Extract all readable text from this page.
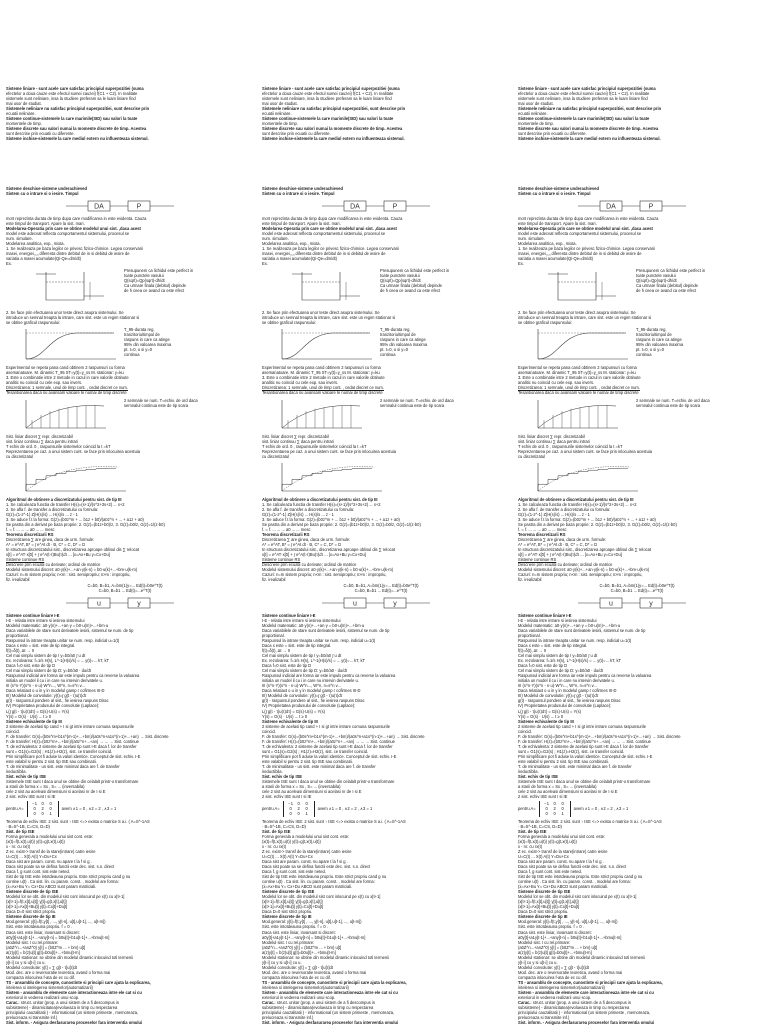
Sisteme liniare - sunt acele care satisfac principiul superpozitiei (suma
efectelor a doua cauze este efectul sumei cauzei) f(C1 + C2). In realitate
sistemele sunt neliniare, insa la studiere preferam sa le luam liniare find
mai usor de studiat.
Sistemele neliniare nu satisfac principiul superpozitiei, sunt descrise prin
ecuatii neliniare.
Sisteme continue-sistemele la care marimile(SID) sau valori la toate
momentele de timp.
Sisteme discrete sau valori numai la momente discrete de timp. Acestea
sunt descrise prin ecuatii cu diferente.
Sisteme inchise-sistemele la care mediul extern nu influenteaza sistemul.
Sisteme deschise-sisteme underachieved
Sistem cu o intrare si o iesire. Timpul
DA	P
mort reprezinta durata de timp dupa care modificarea in este evidenta. Cauza
este timpul de transport. Apare la sist. mari.
Modelarea-Operatia prin care se obtine modelul unui sist. ,daca acest
model este adecvat reflecta comportamentul sistemului, procesul se
num. simulare.
Modelarea analitica, exp., mixta.
1. Se realizeaza pe baza legilor ce privesc fizico-chimice. Legea conservarii
masei, energiei,,,,,diferenta dintre debitul de in si debitul de iesire de
variatia a masei acumulate(Qi-Qe=dm/dt)
Ex.
Presupunem ca lichidul este perfect in
toate punctele vasului
Q(sqrt)=Qp(sqrt)-dh/dt
Ca urmare finala (debitul) depinde
de h ceea ce avand ca este efect
2. Se face prin efectuarea unor teste direct asupra sistemului. Se
introduce un semnal treapta la intrare, care sist. este un regim stationar si
se obtine graficul raspunsului:
T_95-durata reg.
tranzitoriu/timpul de
raspuns in care ca atinge
95% din valoarea maxima
pt. t=0, u si y=0
continua
Experimentul se repeta pana cand obtinem 2 raspunsuri cu forma
asemanatoare. M. dinamic T_95 ST=y(t)=y_ss M. stationar: y=ku
3. Este o combinatie intre 2 metode in cazul in care valorile obtinute
analitic nu coincid cu cele exp. sau invers.
Discretizarea: 1 semnale, unul de timp cont. , cedat discret ce num.
Tesantionarea daca nu avansam valoare te numai de timp discrete
2 semnale se num. T=echiv. de ord daca
semnalul continua este de tip scara
Sist. liniar discret ∑ repr. discretizabil
sist. liniar continuu ∑ daca pentru intrari
T echiv de ord. 0 , raspunsurile sistemelor coincid la t =kT
Reprezentarea pe caz. a unui sistem cont. se face prin inlocuirea acestuia
cu discretizatul
Algoritmul de obtinere a discretizatului pentru sist. de tip III
1. Se calculeaza functia de transfer H(s)=(s+1)/(s^2+3s+2) ... s+2
2. Se afla f. de transfer a discretizatului cu formula:
G(z)=(1-z^-1) Z{H(s)/s} ... H(s)/s ... z - 1
3. Se aduce f.t la forma: G(z)=(b0z^m + ... b1z + b0)/(a0z^n + ... + a1z + a0)
Se pastra din a derivat pe baza proprie: 2. G(z)=(b1z+b0)/z, 3. G(z)=b0/z, G(z)=1/(z-b0)
f. = f. ... ... ... a0 ... ... mesc
Teorema discretizarii RS
Discretizarea ∑ are ginea, daca de urm. formule:
A* = e^AT, B* = ∫ e^At dt · B, C* = C, D* = D
In structura discretizatului sist., discretizarea aproape oblisul dis ∑ relocat
x[t] = e^AT·x[0] + ∫ e^A(t-τ)Bu(τ)dτ ... [x=Ax+Bu y=Cx+Du]
Sisteme continue RS
Descriere prin ecuatii cu derivate; ordinul de matrice
Modelul sistemului discret: a0·y(k)+...+an·y(k-n) = b0·u(k)+...+bm·u(k-m)
Cazuri: n=m sistem propriu; n<m : sist. semipropriu; n>m : impropriu,
fiz. irealizabil
C=b0, B=b1, A=bm(1)y=... Ed(t)=b0e^T(t)
C=b0, B=b1 ... Ed(t)=...e^T(t)
u	y
Sisteme continue liniare I-E
I-E - relatia intre intrare si iesirea sistemului
Modelul matematic: a0·y(n)+...+an·y = b0·u(m)+...+bm·u
Daca variabilele de stare sunt derivatele iesirii, sistemul se num. de tip
proportional.
Raspunsul la intrare treapta unitar se num. resp. indicial u=1(t)
Daca x este = sist. este de tip integral.
f(t)=δ(t), Δt → 0
Cel mai simplu sistem de tip I y=b0/a0 ∫ u dt
Ex. rezolvarea: f=1/s H(s), L^-1{H(s)/s} = ... y(t)=... kT, kT
Daca f=0 sist. este de tip D
Cel mai simplu sistem de tip D: y=b0/a0 · du/dt
Raspunsul indicial are forma iar este impuls pentru ca reverse la valoarea
initiala un model il cu i in care nu intervin derivatele u.
III (s^n·Y)(s^n - n·u)·W^n..., W^n, n=s^n v...
Daca relatiaxt o u in y in modelul gamp r cofirmes III-D
III) Modelul de convolutie: y(t)=∫ g(t - τ)u(τ)dτ
g(t) - raspunsul pondere al sist., fie iesirea raspuns Dirac
IV) Proprietatea produsului de convolutie (Laplace):
L{∫ g(t - τ)u(τ)dτ} = G(s)·U(s) = Y(s)
Y(s) = G(s) · U(s) ... t ≥ 0
Sisteme echivalente de tip III
2 sisteme de acelasi tip cand + I si gt intre intrare comuna raspunsurile
coincid.
F. de transfer: G(s)=(b0s^m+b1s^(m-1)+...+bm)/(a0s^n+a1s^(n-1)+...+an) → Sist. discrete
F. de transfer: H(z)=(b0z^m+...+bm)/(a0z^n+...+an) → ... → Sist. continue
T. de echivalenta: 2 sisteme de acelasi tip sunt I-E daca f. lor de transfer
sunt = G1(s)=G2(s) ; H1(z)=H2(z), sist. ce transfer coincid.
Prin simplificare pot fi aduse la valori identice. Conceptul de sist. echiv. I-E
este valabil si pentru 2 sist. tip ISE sau combinatii.
T. de minimalitate - un sist. este minimal daca are f. de transfer
ireductibila.
Sist. echiv de tip ISE
Sistemele ISE sunt I daca unul se obtine din celalalt printr-o transformare
a starii de forma x = Sx , S= ... (inversabila)
cele 2 sist au aceleasi dimensiuni si acelasi nr de I si E
2 sist. echiv ISE sunt I si IE
pentru A=
−1 0 0
0 2 0
0 0 1
avem ∧1 = 0 , ∧2 = 2 , ∧3 = 1
Teorema de echiv ISE: 2 sist. sunt ↑ ISE <=> exista o matrice S a.i. ( A=S^-1AS
· B=S^-1B, C=CS, D=D)
Sist. de tip ISE
Forma generala a modelului unui sist cont. este:
(x(t)=f(t,x(t),u(t)) y(t)=g(t,x(t),u(t))
x - nr. cu rx(t)
Z ec. exist-> transf de la stare(intrare) catre iesire
U=C(t) ... X(t) A(t) Y=Du+Cx
Daca sist are param. const. nu apare t la f si g .
Daca sist poate sa se defina functii este dec. sist. s.n. direct
Daca f, g sunt cont. sist este neted.
Sist de tip ISE este intotdeauna propriu. Este strict propriu cand g nu
contine u(t) . Ca sist. lin. cu param. const. , modelul are forma:
(ẋ=Ax+Bu Y= Cx+Du ABCD sunt param matriciali.
Sisteme discrete de tip ISE
Modelul lor se obt. din modelul sist cont inlocuind pe x(t) cu x[t+1]
(x[t+1]=f(t,x[t],u[t]) y[t]=g(t,x[t],u[t])
(x[t+1]=Ax[t]+Bu[t] y[t]=Cx[t]+Du[t]
Daca D=0 sist strict propriu.
Sisteme discrete de tip IE
Mod.general: y[t]=f(t,y[t] , ..., y[t-n], u[t],u[t-1], ..., u[t-m])
Sist. este intotdeauna propriu. f = 0 .
Daca sist. este liniar, invarsant si discret:
a0y[t]+a1y[t-1]+...+any[t-n] = b0u[t]+b1u[t-1]+...+bmu[t-m]
Modelul sist. I cu rel.primare:
(a0Z^n...+anZ^0) y[t] = (b0Z^m ... + bm) u[t]
a(z)y[t] = b(z)u[t] g[t]=b0u[t]+...+bmu[t-m]
Modelul stationar: se obtine din modelul dinamic inlocuind toti termenii
y[t-i] cu y si u[t-i] cu u.
Modelul convolutie: y[t] = ∑ g[t - τ]u[τ]dt
Mod. dec. are o reversoratie teoretica, avand o forma mai
compacta inlocuirea f-ata de ec cu dif.
TS - ansamblu de concepte, cunostinte si principii care ajuta la explicarea,
intelerea si intelegerea sistemelor(automatizarii)
Sistem - ansamblu de elemente care interactioneaza intre ele cat si cu
exteriorul in vederea realizarii unui scop.
Carac.: struct. unitar (prop. a unui sistem de a fi descompus in
subsisteme) - dinamicitatea(evolueaza in timp cu respectarea
principiului cauzalitatii ) - informational (un sistem primeste , memoreaza,
prelucreaza si transmite inf.)
Sist. inform. - Asigura desfasurarea proceselor fara interventia omului
Sisteme liniare - sunt acele care satisfac principiul superpozitiei (suma
efectelor a doua cauze este efectul sumei cauzei) f(C1 + C2). In realitate
sistemele sunt neliniare, insa la studiere preferam sa le luam liniare find
mai usor de studiat.
Sistemele neliniare nu satisfac principiul superpozitiei, sunt descrise prin
ecuatii neliniare.
Sisteme continue-sistemele la care marimile(SID) sau valori la toate
momentele de timp.
Sisteme discrete sau valori numai la momente discrete de timp. Acestea
sunt descrise prin ecuatii cu diferente.
Sisteme inchise-sistemele la care mediul extern nu influenteaza sistemul.
Sisteme deschise-sisteme underachieved
Sistem cu o intrare si o iesire. Timpul
DA	P
mort reprezinta durata de timp dupa care modificarea in este evidenta. Cauza
este timpul de transport. Apare la sist. mari.
Modelarea-Operatia prin care se obtine modelul unui sist. ,daca acest
model este adecvat reflecta comportamentul sistemului, procesul se
num. simulare.
Modelarea analitica, exp., mixta.
1. Se realizeaza pe baza legilor ce privesc fizico-chimice. Legea conservarii
masei, energiei,,,,,diferenta dintre debitul de in si debitul de iesire de
variatia a masei acumulate(Qi-Qe=dm/dt)
Ex.
Presupunem ca lichidul este perfect in
toate punctele vasului
Q(sqrt)=Qp(sqrt)-dh/dt
Ca urmare finala (debitul) depinde
de h ceea ce avand ca este efect
2. Se face prin efectuarea unor teste direct asupra sistemului. Se
introduce un semnal treapta la intrare, care sist. este un regim stationar si
se obtine graficul raspunsului:
T_95-durata reg.
tranzitoriu/timpul de
raspuns in care ca atinge
95% din valoarea maxima
pt. t=0, u si y=0
continua
Experimentul se repeta pana cand obtinem 2 raspunsuri cu forma
asemanatoare. M. dinamic T_95 ST=y(t)=y_ss M. stationar: y=ku
3. Este o combinatie intre 2 metode in cazul in care valorile obtinute
analitic nu coincid cu cele exp. sau invers.
Discretizarea: 1 semnale, unul de timp cont. , cedat discret ce num.
Tesantionarea daca nu avansam valoare te numai de timp discrete
2 semnale se num. T=echiv. de ord daca
semnalul continua este de tip scara
Sist. liniar discret ∑ repr. discretizabil
sist. liniar continuu ∑ daca pentru intrari
T echiv de ord. 0 , raspunsurile sistemelor coincid la t =kT
Reprezentarea pe caz. a unui sistem cont. se face prin inlocuirea acestuia
cu discretizatul
Algoritmul de obtinere a discretizatului pentru sist. de tip III
1. Se calculeaza functia de transfer H(s)=(s+1)/(s^2+3s+2) ... s+2
2. Se afla f. de transfer a discretizatului cu formula:
G(z)=(1-z^-1) Z{H(s)/s} ... H(s)/s ... z - 1
3. Se aduce f.t la forma: G(z)=(b0z^m + ... b1z + b0)/(a0z^n + ... + a1z + a0)
Se pastra din a derivat pe baza proprie: 2. G(z)=(b1z+b0)/z, 3. G(z)=b0/z, G(z)=1/(z-b0)
f. = f. ... ... ... a0 ... ... mesc
Teorema discretizarii RS
Discretizarea ∑ are ginea, daca de urm. formule:
A* = e^AT, B* = ∫ e^At dt · B, C* = C, D* = D
In structura discretizatului sist., discretizarea aproape oblisul dis ∑ relocat
x[t] = e^AT·x[0] + ∫ e^A(t-τ)Bu(τ)dτ ... [x=Ax+Bu y=Cx+Du]
Sisteme continue RS
Descriere prin ecuatii cu derivate; ordinul de matrice
Modelul sistemului discret: a0·y(k)+...+an·y(k-n) = b0·u(k)+...+bm·u(k-m)
Cazuri: n=m sistem propriu; n<m : sist. semipropriu; n>m : impropriu,
fiz. irealizabil
C=b0, B=b1, A=bm(1)y=... Ed(t)=b0e^T(t)
C=b0, B=b1 ... Ed(t)=...e^T(t)
u	y
Sisteme continue liniare I-E
I-E - relatia intre intrare si iesirea sistemului
Modelul matematic: a0·y(n)+...+an·y = b0·u(m)+...+bm·u
Daca variabilele de stare sunt derivatele iesirii, sistemul se num. de tip
proportional.
Raspunsul la intrare treapta unitar se num. resp. indicial u=1(t)
Daca x este = sist. este de tip integral.
f(t)=δ(t), Δt → 0
Cel mai simplu sistem de tip I y=b0/a0 ∫ u dt
Ex. rezolvarea: f=1/s H(s), L^-1{H(s)/s} = ... y(t)=... kT, kT
Daca f=0 sist. este de tip D
Cel mai simplu sistem de tip D: y=b0/a0 · du/dt
Raspunsul indicial are forma iar este impuls pentru ca reverse la valoarea
initiala un model il cu i in care nu intervin derivatele u.
III (s^n·Y)(s^n - n·u)·W^n..., W^n, n=s^n v...
Daca relatiaxt o u in y in modelul gamp r cofirmes III-D
III) Modelul de convolutie: y(t)=∫ g(t - τ)u(τ)dτ
g(t) - raspunsul pondere al sist., fie iesirea raspuns Dirac
IV) Proprietatea produsului de convolutie (Laplace):
L{∫ g(t - τ)u(τ)dτ} = G(s)·U(s) = Y(s)
Y(s) = G(s) · U(s) ... t ≥ 0
Sisteme echivalente de tip III
2 sisteme de acelasi tip cand + I si gt intre intrare comuna raspunsurile
coincid.
F. de transfer: G(s)=(b0s^m+b1s^(m-1)+...+bm)/(a0s^n+a1s^(n-1)+...+an) → Sist. discrete
F. de transfer: H(z)=(b0z^m+...+bm)/(a0z^n+...+an) → ... → Sist. continue
T. de echivalenta: 2 sisteme de acelasi tip sunt I-E daca f. lor de transfer
sunt = G1(s)=G2(s) ; H1(z)=H2(z), sist. ce transfer coincid.
Prin simplificare pot fi aduse la valori identice. Conceptul de sist. echiv. I-E
este valabil si pentru 2 sist. tip ISE sau combinatii.
T. de minimalitate - un sist. este minimal daca are f. de transfer
ireductibila.
Sist. echiv de tip ISE
Sistemele ISE sunt I daca unul se obtine din celalalt printr-o transformare
a starii de forma x = Sx , S= ... (inversabila)
cele 2 sist au aceleasi dimensiuni si acelasi nr de I si E
2 sist. echiv ISE sunt I si IE
pentru A=
−1 0 0
0 2 0
0 0 1
avem ∧1 = 0 , ∧2 = 2 , ∧3 = 1
Teorema de echiv ISE: 2 sist. sunt ↑ ISE <=> exista o matrice S a.i. ( A=S^-1AS
· B=S^-1B, C=CS, D=D)
Sist. de tip ISE
Forma generala a modelului unui sist cont. este:
(x(t)=f(t,x(t),u(t)) y(t)=g(t,x(t),u(t))
x - nr. cu rx(t)
Z ec. exist-> transf de la stare(intrare) catre iesire
U=C(t) ... X(t) A(t) Y=Du+Cx
Daca sist are param. const. nu apare t la f si g .
Daca sist poate sa se defina functii este dec. sist. s.n. direct
Daca f, g sunt cont. sist este neted.
Sist de tip ISE este intotdeauna propriu. Este strict propriu cand g nu
contine u(t) . Ca sist. lin. cu param. const. , modelul are forma:
(ẋ=Ax+Bu Y= Cx+Du ABCD sunt param matriciali.
Sisteme discrete de tip ISE
Modelul lor se obt. din modelul sist cont inlocuind pe x(t) cu x[t+1]
(x[t+1]=f(t,x[t],u[t]) y[t]=g(t,x[t],u[t])
(x[t+1]=Ax[t]+Bu[t] y[t]=Cx[t]+Du[t]
Daca D=0 sist strict propriu.
Sisteme discrete de tip IE
Mod.general: y[t]=f(t,y[t] , ..., y[t-n], u[t],u[t-1], ..., u[t-m])
Sist. este intotdeauna propriu. f = 0 .
Daca sist. este liniar, invarsant si discret:
a0y[t]+a1y[t-1]+...+any[t-n] = b0u[t]+b1u[t-1]+...+bmu[t-m]
Modelul sist. I cu rel.primare:
(a0Z^n...+anZ^0) y[t] = (b0Z^m ... + bm) u[t]
a(z)y[t] = b(z)u[t] g[t]=b0u[t]+...+bmu[t-m]
Modelul stationar: se obtine din modelul dinamic inlocuind toti termenii
y[t-i] cu y si u[t-i] cu u.
Modelul convolutie: y[t] = ∑ g[t - τ]u[τ]dt
Mod. dec. are o reversoratie teoretica, avand o forma mai
compacta inlocuirea f-ata de ec cu dif.
TS - ansamblu de concepte, cunostinte si principii care ajuta la explicarea,
intelerea si intelegerea sistemelor(automatizarii)
Sistem - ansamblu de elemente care interactioneaza intre ele cat si cu
exteriorul in vederea realizarii unui scop.
Carac.: struct. unitar (prop. a unui sistem de a fi descompus in
subsisteme) - dinamicitatea(evolueaza in timp cu respectarea
principiului cauzalitatii ) - informational (un sistem primeste , memoreaza,
prelucreaza si transmite inf.)
Sist. inform. - Asigura desfasurarea proceselor fara interventia omului
Sisteme liniare - sunt acele care satisfac principiul superpozitiei (suma
efectelor a doua cauze este efectul sumei cauzei) f(C1 + C2). In realitate
sistemele sunt neliniare, insa la studiere preferam sa le luam liniare find
mai usor de studiat.
Sistemele neliniare nu satisfac principiul superpozitiei, sunt descrise prin
ecuatii neliniare.
Sisteme continue-sistemele la care marimile(SID) sau valori la toate
momentele de timp.
Sisteme discrete sau valori numai la momente discrete de timp. Acestea
sunt descrise prin ecuatii cu diferente.
Sisteme inchise-sistemele la care mediul extern nu influenteaza sistemul.
Sisteme deschise-sisteme underachieved
Sistem cu o intrare si o iesire. Timpul
DA	P
mort reprezinta durata de timp dupa care modificarea in este evidenta. Cauza
este timpul de transport. Apare la sist. mari.
Modelarea-Operatia prin care se obtine modelul unui sist. ,daca acest
model este adecvat reflecta comportamentul sistemului, procesul se
num. simulare.
Modelarea analitica, exp., mixta.
1. Se realizeaza pe baza legilor ce privesc fizico-chimice. Legea conservarii
masei, energiei,,,,,diferenta dintre debitul de in si debitul de iesire de
variatia a masei acumulate(Qi-Qe=dm/dt)
Ex.
Presupunem ca lichidul este perfect in
toate punctele vasului
Q(sqrt)=Qp(sqrt)-dh/dt
Ca urmare finala (debitul) depinde
de h ceea ce avand ca este efect
2. Se face prin efectuarea unor teste direct asupra sistemului. Se
introduce un semnal treapta la intrare, care sist. este un regim stationar si
se obtine graficul raspunsului:
T_95-durata reg.
tranzitoriu/timpul de
raspuns in care ca atinge
95% din valoarea maxima
pt. t=0, u si y=0
continua
Experimentul se repeta pana cand obtinem 2 raspunsuri cu forma
asemanatoare. M. dinamic T_95 ST=y(t)=y_ss M. stationar: y=ku
3. Este o combinatie intre 2 metode in cazul in care valorile obtinute
analitic nu coincid cu cele exp. sau invers.
Discretizarea: 1 semnale, unul de timp cont. , cedat discret ce num.
Tesantionarea daca nu avansam valoare te numai de timp discrete
2 semnale se num. T=echiv. de ord daca
semnalul continua este de tip scara
Sist. liniar discret ∑ repr. discretizabil
sist. liniar continuu ∑ daca pentru intrari
T echiv de ord. 0 , raspunsurile sistemelor coincid la t =kT
Reprezentarea pe caz. a unui sistem cont. se face prin inlocuirea acestuia
cu discretizatul
Algoritmul de obtinere a discretizatului pentru sist. de tip III
1. Se calculeaza functia de transfer H(s)=(s+1)/(s^2+3s+2) ... s+2
2. Se afla f. de transfer a discretizatului cu formula:
G(z)=(1-z^-1) Z{H(s)/s} ... H(s)/s ... z - 1
3. Se aduce f.t la forma: G(z)=(b0z^m + ... b1z + b0)/(a0z^n + ... + a1z + a0)
Se pastra din a derivat pe baza proprie: 2. G(z)=(b1z+b0)/z, 3. G(z)=b0/z, G(z)=1/(z-b0)
f. = f. ... ... ... a0 ... ... mesc
Teorema discretizarii RS
Discretizarea ∑ are ginea, daca de urm. formule:
A* = e^AT, B* = ∫ e^At dt · B, C* = C, D* = D
In structura discretizatului sist., discretizarea aproape oblisul dis ∑ relocat
x[t] = e^AT·x[0] + ∫ e^A(t-τ)Bu(τ)dτ ... [x=Ax+Bu y=Cx+Du]
Sisteme continue RS
Descriere prin ecuatii cu derivate; ordinul de matrice
Modelul sistemului discret: a0·y(k)+...+an·y(k-n) = b0·u(k)+...+bm·u(k-m)
Cazuri: n=m sistem propriu; n<m : sist. semipropriu; n>m : impropriu,
fiz. irealizabil
C=b0, B=b1, A=bm(1)y=... Ed(t)=b0e^T(t)
C=b0, B=b1 ... Ed(t)=...e^T(t)
u	y
Sisteme continue liniare I-E
I-E - relatia intre intrare si iesirea sistemului
Modelul matematic: a0·y(n)+...+an·y = b0·u(m)+...+bm·u
Daca variabilele de stare sunt derivatele iesirii, sistemul se num. de tip
proportional.
Raspunsul la intrare treapta unitar se num. resp. indicial u=1(t)
Daca x este = sist. este de tip integral.
f(t)=δ(t), Δt → 0
Cel mai simplu sistem de tip I y=b0/a0 ∫ u dt
Ex. rezolvarea: f=1/s H(s), L^-1{H(s)/s} = ... y(t)=... kT, kT
Daca f=0 sist. este de tip D
Cel mai simplu sistem de tip D: y=b0/a0 · du/dt
Raspunsul indicial are forma iar este impuls pentru ca reverse la valoarea
initiala un model il cu i in care nu intervin derivatele u.
III (s^n·Y)(s^n - n·u)·W^n..., W^n, n=s^n v...
Daca relatiaxt o u in y in modelul gamp r cofirmes III-D
III) Modelul de convolutie: y(t)=∫ g(t - τ)u(τ)dτ
g(t) - raspunsul pondere al sist., fie iesirea raspuns Dirac
IV) Proprietatea produsului de convolutie (Laplace):
L{∫ g(t - τ)u(τ)dτ} = G(s)·U(s) = Y(s)
Y(s) = G(s) · U(s) ... t ≥ 0
Sisteme echivalente de tip III
2 sisteme de acelasi tip cand + I si gt intre intrare comuna raspunsurile
coincid.
F. de transfer: G(s)=(b0s^m+b1s^(m-1)+...+bm)/(a0s^n+a1s^(n-1)+...+an) → Sist. discrete
F. de transfer: H(z)=(b0z^m+...+bm)/(a0z^n+...+an) → ... → Sist. continue
T. de echivalenta: 2 sisteme de acelasi tip sunt I-E daca f. lor de transfer
sunt = G1(s)=G2(s) ; H1(z)=H2(z), sist. ce transfer coincid.
Prin simplificare pot fi aduse la valori identice. Conceptul de sist. echiv. I-E
este valabil si pentru 2 sist. tip ISE sau combinatii.
T. de minimalitate - un sist. este minimal daca are f. de transfer
ireductibila.
Sist. echiv de tip ISE
Sistemele ISE sunt I daca unul se obtine din celalalt printr-o transformare
a starii de forma x = Sx , S= ... (inversabila)
cele 2 sist au aceleasi dimensiuni si acelasi nr de I si E
2 sist. echiv ISE sunt I si IE
pentru A=
−1 0 0
0 2 0
0 0 1
avem ∧1 = 0 , ∧2 = 2 , ∧3 = 1
Teorema de echiv ISE: 2 sist. sunt ↑ ISE <=> exista o matrice S a.i. ( A=S^-1AS
· B=S^-1B, C=CS, D=D)
Sist. de tip ISE
Forma generala a modelului unui sist cont. este:
(x(t)=f(t,x(t),u(t)) y(t)=g(t,x(t),u(t))
x - nr. cu rx(t)
Z ec. exist-> transf de la stare(intrare) catre iesire
U=C(t) ... X(t) A(t) Y=Du+Cx
Daca sist are param. const. nu apare t la f si g .
Daca sist poate sa se defina functii este dec. sist. s.n. direct
Daca f, g sunt cont. sist este neted.
Sist de tip ISE este intotdeauna propriu. Este strict propriu cand g nu
contine u(t) . Ca sist. lin. cu param. const. , modelul are forma:
(ẋ=Ax+Bu Y= Cx+Du ABCD sunt param matriciali.
Sisteme discrete de tip ISE
Modelul lor se obt. din modelul sist cont inlocuind pe x(t) cu x[t+1]
(x[t+1]=f(t,x[t],u[t]) y[t]=g(t,x[t],u[t])
(x[t+1]=Ax[t]+Bu[t] y[t]=Cx[t]+Du[t]
Daca D=0 sist strict propriu.
Sisteme discrete de tip IE
Mod.general: y[t]=f(t,y[t] , ..., y[t-n], u[t],u[t-1], ..., u[t-m])
Sist. este intotdeauna propriu. f = 0 .
Daca sist. este liniar, invarsant si discret:
a0y[t]+a1y[t-1]+...+any[t-n] = b0u[t]+b1u[t-1]+...+bmu[t-m]
Modelul sist. I cu rel.primare:
(a0Z^n...+anZ^0) y[t] = (b0Z^m ... + bm) u[t]
a(z)y[t] = b(z)u[t] g[t]=b0u[t]+...+bmu[t-m]
Modelul stationar: se obtine din modelul dinamic inlocuind toti termenii
y[t-i] cu y si u[t-i] cu u.
Modelul convolutie: y[t] = ∑ g[t - τ]u[τ]dt
Mod. dec. are o reversoratie teoretica, avand o forma mai
compacta inlocuirea f-ata de ec cu dif.
TS - ansamblu de concepte, cunostinte si principii care ajuta la explicarea,
intelerea si intelegerea sistemelor(automatizarii)
Sistem - ansamblu de elemente care interactioneaza intre ele cat si cu
exteriorul in vederea realizarii unui scop.
Carac.: struct. unitar (prop. a unui sistem de a fi descompus in
subsisteme) - dinamicitatea(evolueaza in timp cu respectarea
principiului cauzalitatii ) - informational (un sistem primeste , memoreaza,
prelucreaza si transmite inf.)
Sist. inform. - Asigura desfasurarea proceselor fara interventia omului
